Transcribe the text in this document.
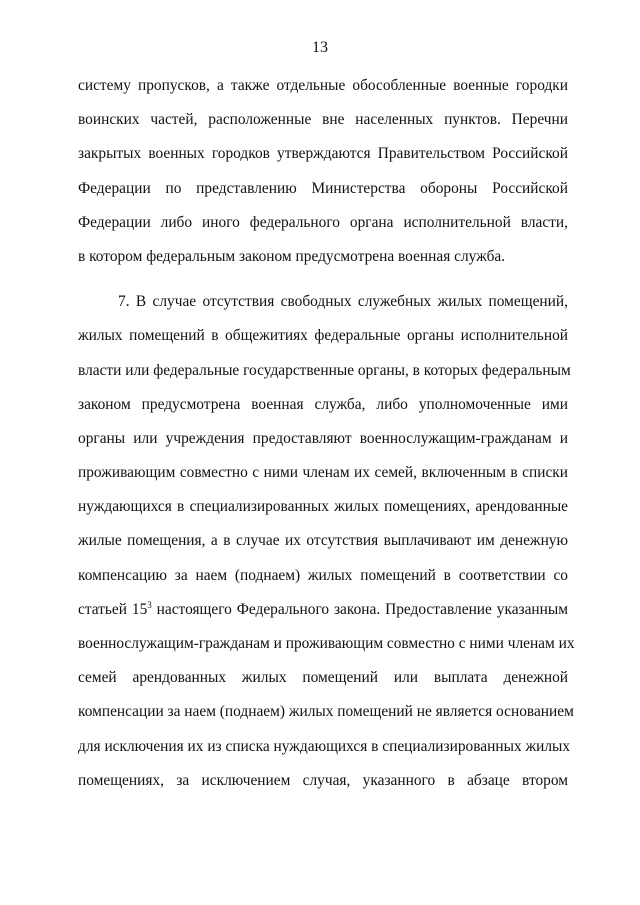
13
систему пропусков, а также отдельные обособленные военные городки
воинских частей, расположенные вне населенных пунктов. Перечни
закрытых военных городков утверждаются Правительством Российской
Федерации по представлению Министерства обороны Российской
Федерации либо иного федерального органа исполнительной власти,
в котором федеральным законом предусмотрена военная служба.
7. В случае отсутствия свободных служебных жилых помещений,
жилых помещений в общежитиях федеральные органы исполнительной
власти или федеральные государственные органы, в которых федеральным
законом предусмотрена военная служба, либо уполномоченные ими
органы или учреждения предоставляют военнослужащим-гражданам и
проживающим совместно с ними членам их семей, включенным в списки
нуждающихся в специализированных жилых помещениях, арендованные
жилые помещения, а в случае их отсутствия выплачивают им денежную
компенсацию за наем (поднаем) жилых помещений в соответствии со
статьей $15^3$ настоящего Федерального закона. Предоставление указанным
военнослужащим-гражданам и проживающим совместно с ними членам их
семей арендованных жилых помещений или выплата денежной
компенсации за наем (поднаем) жилых помещений не является основанием
для исключения их из списка нуждающихся в специализированных жилых
помещениях, за исключением случая, указанного в абзаце втором
